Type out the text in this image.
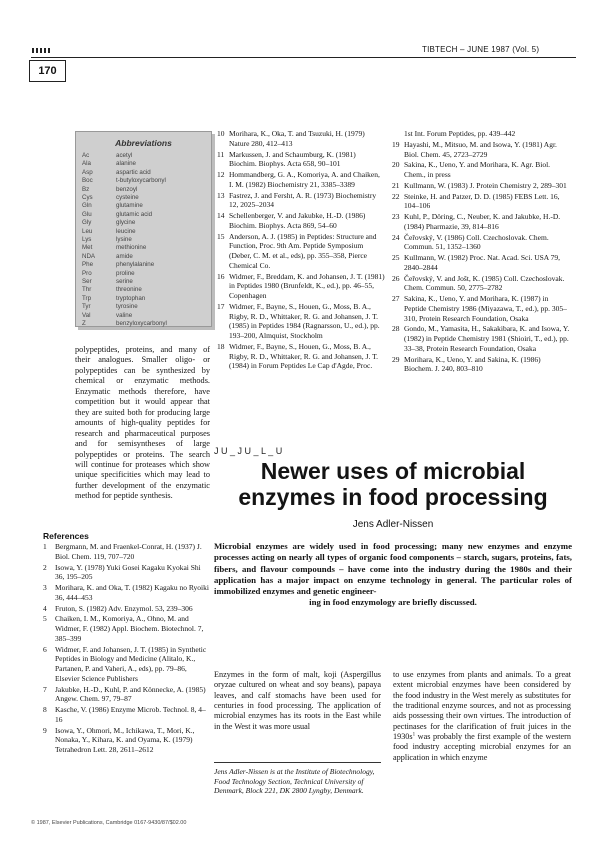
TIBTECH – JUNE 1987 (Vol. 5)
170
Abbreviations
Ac	acetyl
Ala	alanine
Asp	aspartic acid
Boc	t-butyloxycarbonyl
Bz	benzoyl
Cys	cysteine
Gln	glutamine
Glu	glutamic acid
Gly	glycine
Leu	leucine
Lys	lysine
Met	methionine
NDA	amide
Phe	phenylalanine
Pro	proline
Ser	serine
Thr	threonine
Trp	tryptophan
Tyr	tyrosine
Val	valine
Z	benzyloxycarbonyl

polypeptides, proteins, and many of their analogues. Smaller oligo- or polypeptides can be synthesized by chemical or enzymatic methods. Enzymatic methods therefore, have competition but it would appear that they are suited both for producing large amounts of high-quality peptides for research and pharmaceutical purposes and for semisyntheses of large polypeptides or proteins. The search will continue for proteases which show unique specificities which may lead to further development of the enzymatic method for peptide synthesis.

References
1 Bergmann, M. and Fraenkel-Conrat, H. (1937) J. Biol. Chem. 119, 707–720
2 Isowa, Y. (1978) Yuki Gosei Kagaku Kyokai Shi 36, 195–205
3 Morihara, K. and Oka, T. (1982) Kagaku no Ryoiki 36, 444–453
4 Fruton, S. (1982) Adv. Enzymol. 53, 239–306
5 Chaiken, I. M., Komoriya, A., Ohno, M. and Widmer, F. (1982) Appl. Biochem. Biotechnol. 7, 385–399
6 Widmer, F. and Johansen, J. T. (1985) in Synthetic Peptides in Biology and Medicine (Alitalo, K., Partanen, P. and Vaheri, A., eds), pp. 79–86, Elsevier Science Publishers
7 Jakubke, H.-D., Kuhl, P. and Könnecke, A. (1985) Angew. Chem. 97, 79–87
8 Kasche, V. (1986) Enzyme Microb. Technol. 8, 4–16
9 Isowa, Y., Ohmori, M., Ichikawa, T., Mori, K., Nonaka, Y., Kihara, K. and Oyama, K. (1979) Tetrahedron Lett. 28, 2611–2612
10 Morihara, K., Oka, T. and Tsuzuki, H. (1979) Nature 280, 412–413
11 Markussen, J. and Schaumburg, K. (1981) Biochim. Biophys. Acta 658, 90–101
12 Hommandberg, G. A., Komoriya, A. and Chaiken, I. M. (1982) Biochemistry 21, 3385–3389
13 Fastrez, J. and Fersht, A. R. (1973) Biochemistry 12, 2025–2034
14 Schellenberger, V. and Jakubke, H.-D. (1986) Biochim. Biophys. Acta 869, 54–60
15 Anderson, A. J. (1985) in Peptides: Structure and Function, Proc. 9th Am. Peptide Symposium (Deber, C. M. et al., eds), pp. 355–358, Pierce Chemical Co.
16 Widmer, F., Breddam, K. and Johansen, J. T. (1981) in Peptides 1980 (Brunfeldt, K., ed.), pp. 46–55, Copenhagen
17 Widmer, F., Bayne, S., Houen, G., Moss, B. A., Rigby, R. D., Whittaker, R. G. and Johansen, J. T. (1985) in Peptides 1984 (Ragnarsson, U., ed.), pp. 193–200, Almquist, Stockholm
18 Widmer, F., Bayne, S., Houen, G., Moss, B. A., Rigby, R. D., Whittaker, R. G. and Johansen, J. T. (1984) in Forum Peptides Le Cap d'Agde, Proc.
1st Int. Forum Peptides, pp. 439–442
19 Hayashi, M., Mitsuo, M. and Isowa, Y. (1981) Agr. Biol. Chem. 45, 2723–2729
20 Sakina, K., Ueno, Y. and Morihara, K. Agr. Biol. Chem., in press
21 Kullmann, W. (1983) J. Protein Chemistry 2, 289–301
22 Steinke, H. and Patzer, D. D. (1985) FEBS Lett. 16, 104–106
23 Kuhl, P., Döring, C., Neuber, K. and Jakubke, H.-D. (1984) Pharmazie, 39, 814–816
24 Čeřovský, V. (1986) Coll. Czechoslovak. Chem. Commun. 51, 1352–1360
25 Kullmann, W. (1982) Proc. Nat. Acad. Sci. USA 79, 2840–2844
26 Čeřovský, V. and Jošt, K. (1985) Coll. Czechoslovak. Chem. Commun. 50, 2775–2782
27 Sakina, K., Ueno, Y. and Morihara, K. (1987) in Peptide Chemistry 1986 (Miyazawa, T., ed.), pp. 305–310, Protein Research Foundation, Osaka
28 Gondo, M., Yamasita, H., Sakakibara, K. and Isowa, Y. (1982) in Peptide Chemistry 1981 (Shioiri, T., ed.), pp. 33–38, Protein Research Foundation, Osaka
29 Morihara, K., Ueno, Y. and Sakina, K. (1986) Biochem. J. 240, 803–810
J U _ J U _ L _ U
Newer uses of microbial
enzymes in food processing
Jens Adler-Nissen
Microbial enzymes are widely used in food processing; many new enzymes and enzyme processes acting on nearly all types of organic food components – starch, sugars, proteins, fats, fibers, and flavour compounds – have come into the industry during the 1980s and their application has a major impact on enzyme technology in general. The particular roles of immobilized enzymes and genetic engineer-
ing in food enzymology are briefly discussed.
Enzymes in the form of malt, koji (Aspergillus oryzae cultured on wheat and soy beans), papaya leaves, and calf stomachs have been used for centuries in food processing. The application of microbial enzymes has its roots in the East while in the West it was more usual
Jens Adler-Nissen is at the Institute of Biotechnology, Food Technology Section, Technical University of Denmark, Block 221, DK 2800 Lyngby, Denmark.
to use enzymes from plants and animals. To a great extent microbial enzymes have been considered by the food industry in the West merely as substitutes for the traditional enzyme sources, and not as processing aids possessing their own virtues. The introduction of pectinases for the clarification of fruit juices in the $1930s^1$ was probably the first example of the western food industry accepting microbial enzymes for an application in which enzyme
© 1987, Elsevier Publications, Cambridge 0167-9430/87/$02.00
